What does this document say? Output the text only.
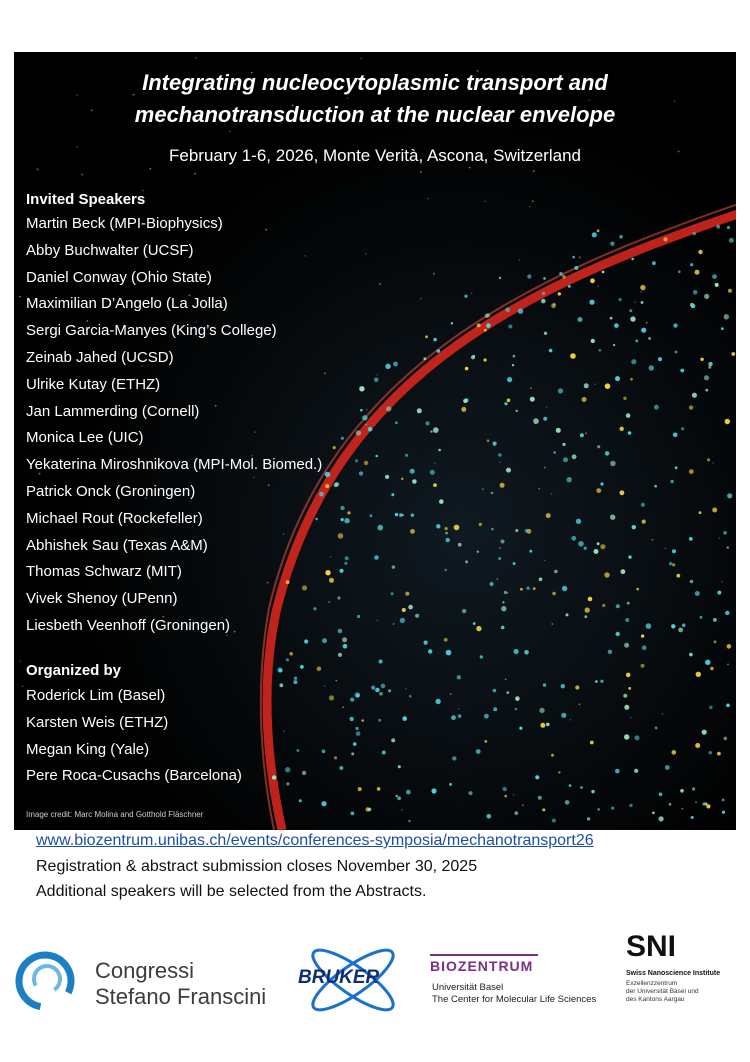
Integrating nucleocytoplasmic transport and
mechanotransduction at the nuclear envelope
February 1-6, 2026, Monte Verità, Ascona, Switzerland
Invited Speakers
Martin Beck (MPI-Biophysics)
Abby Buchwalter (UCSF)
Daniel Conway (Ohio State)
Maximilian D’Angelo (La Jolla)
Sergi Garcia-Manyes (King’s College)
Zeinab Jahed (UCSD)
Ulrike Kutay (ETHZ)
Jan Lammerding (Cornell)
Monica Lee (UIC)
Yekaterina Miroshnikova (MPI-Mol. Biomed.)
Patrick Onck (Groningen)
Michael Rout (Rockefeller)
Abhishek Sau (Texas A&M)
Thomas Schwarz (MIT)
Vivek Shenoy (UPenn)
Liesbeth Veenhoff (Groningen)
Organized by
Roderick Lim (Basel)
Karsten Weis (ETHZ)
Megan King (Yale)
Pere Roca-Cusachs (Barcelona)
Image credit: Marc Molina and Gotthold Fläschner
www.biozentrum.unibas.ch/events/conferences-symposia/mechanotransport26
Registration & abstract submission closes November 30, 2025
Additional speakers will be selected from the Abstracts.
Congressi
Stefano Franscini
BRUKER
BIOZENTRUM
Universität Basel
The Center for Molecular Life Sciences
SNI
Swiss Nanoscience Institute
Exzellenzzentrum
der Universität Basel und
des Kantons Aargau
